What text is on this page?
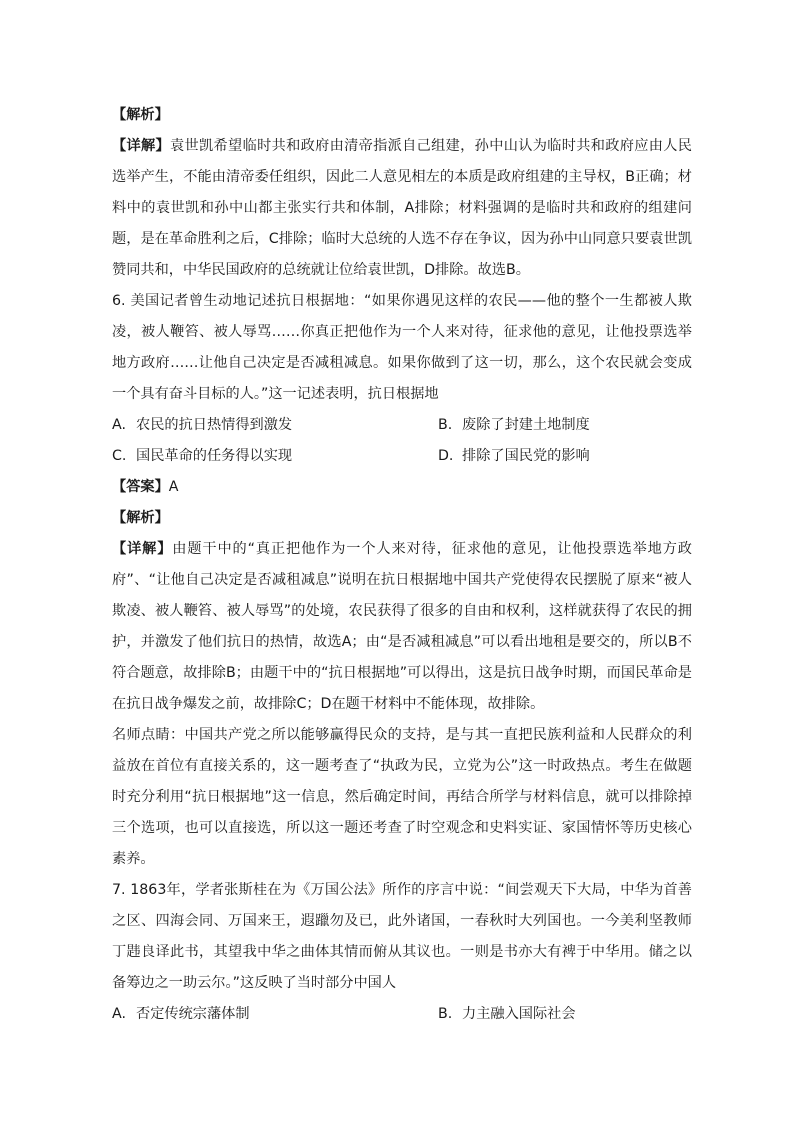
【解析】

【详解】袁世凯希望临时共和政府由清帝指派自己组建，孙中山认为临时共和政府应由人民选举产生，不能由清帝委任组织，因此二人意见相左的本质是政府组建的主导权，B正确；材料中的袁世凯和孙中山都主张实行共和体制，A排除；材料强调的是临时共和政府的组建问题，是在革命胜利之后，C排除；临时大总统的人选不存在争议，因为孙中山同意只要袁世凯赞同共和，中华民国政府的总统就让位给袁世凯，D排除。故选B。

6. 美国记者曾生动地记述抗日根据地：“如果你遇见这样的农民——他的整个一生都被人欺凌，被人鞭笞、被人辱骂……你真正把他作为一个人来对待，征求他的意见，让他投票选举地方政府……让他自己决定是否减租减息。如果你做到了这一切，那么，这个农民就会变成一个具有奋斗目标的人。”这一记述表明，抗日根据地

A. 农民的抗日热情得到激发	B. 废除了封建土地制度
C. 国民革命的任务得以实现	D. 排除了国民党的影响

【答案】A

【解析】

【详解】由题干中的“真正把他作为一个人来对待，征求他的意见，让他投票选举地方政府”、“让他自己决定是否减租减息”说明在抗日根据地中国共产党使得农民摆脱了原来“被人欺凌、被人鞭笞、被人辱骂”的处境，农民获得了很多的自由和权利，这样就获得了农民的拥护，并激发了他们抗日的热情，故选A；由“是否减租减息”可以看出地租是要交的，所以B不符合题意，故排除B；由题干中的“抗日根据地”可以得出，这是抗日战争时期，而国民革命是在抗日战争爆发之前，故排除C；D在题干材料中不能体现，故排除。

名师点睛：中国共产党之所以能够赢得民众的支持，是与其一直把民族利益和人民群众的利益放在首位有直接关系的，这一题考查了“执政为民，立党为公”这一时政热点。考生在做题时充分利用“抗日根据地”这一信息，然后确定时间，再结合所学与材料信息，就可以排除掉三个选项，也可以直接选，所以这一题还考查了时空观念和史料实证、家国情怀等历史核心素养。

7. 1863年，学者张斯桂在为《万国公法》所作的序言中说：“间尝观天下大局，中华为首善之区、四海会同、万国来王，遐躐勿及已，此外诸国，一春秋时大列国也。一今美利坚教师丁韪良译此书，其望我中华之曲体其情而俯从其议也。一则是书亦大有裨于中华用。储之以备筹边之一助云尔。”这反映了当时部分中国人

A. 否定传统宗藩体制	B. 力主融入国际社会
